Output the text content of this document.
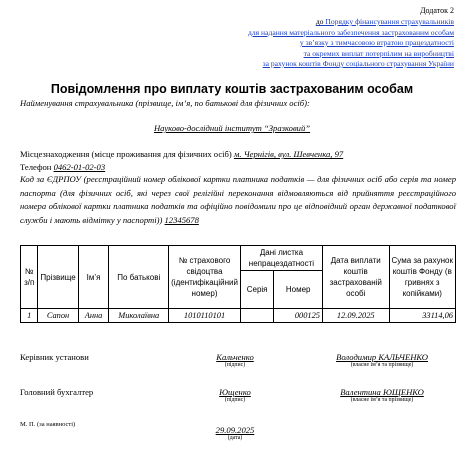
Додаток 2
до Порядку фінансування страхувальників
для надання матеріального забезпечення застрахованим особам
у зв’язку з тимчасовою втратою працездатності
та окремих виплат потерпілим на виробництві
за рахунок коштів Фонду соціального страхування України
Повідомлення про виплату коштів застрахованим особам
Найменування страхувальника (прізвище, ім’я, по батькові для фізичних осіб):
Науково-дослідний інститут “Зразковий”
Місцезнаходження (місце проживання для фізичних осіб) м. Чернігів, вул. Шевченка, 97
Телефон 0462-01-02-03
Код за ЄДРПОУ (реєстраційний номер облікової картки платника податків — для фізичних осіб або серія та номер паспорта (для фізичних осіб, які через свої релігійні переконання відмовляються від прийняття реєстраційного номера облікової картки платника податків та офіційно повідомили про це відповідний орган державної податкової служби і мають відмітку у паспорті)) 12345678
№ з/п	Прізвище	Ім’я	По батькові	№ страхового свідоцтва (ідентифікаційний номер)	Дані листка непрацездатності		Дата виплати коштів застрахованій особі	Сума за рахунок коштів Фонду (в гривнях з копійками)
					Серія	Номер		
1	Сапон	Анна	Миколаївна	1010110101		000125	12.09.2025	33114,06
Керівник установи	Кальченко
(підпис)
Володимир КАЛЬЧЕНКО
(власне ім’я та прізвище)
Головний бухгалтер	Ющенко
(підпис)
Валентина ЮЩЕНКО
(власне ім’я та прізвище)
М. П. (за наявності)
29.09.2025
(дата)
